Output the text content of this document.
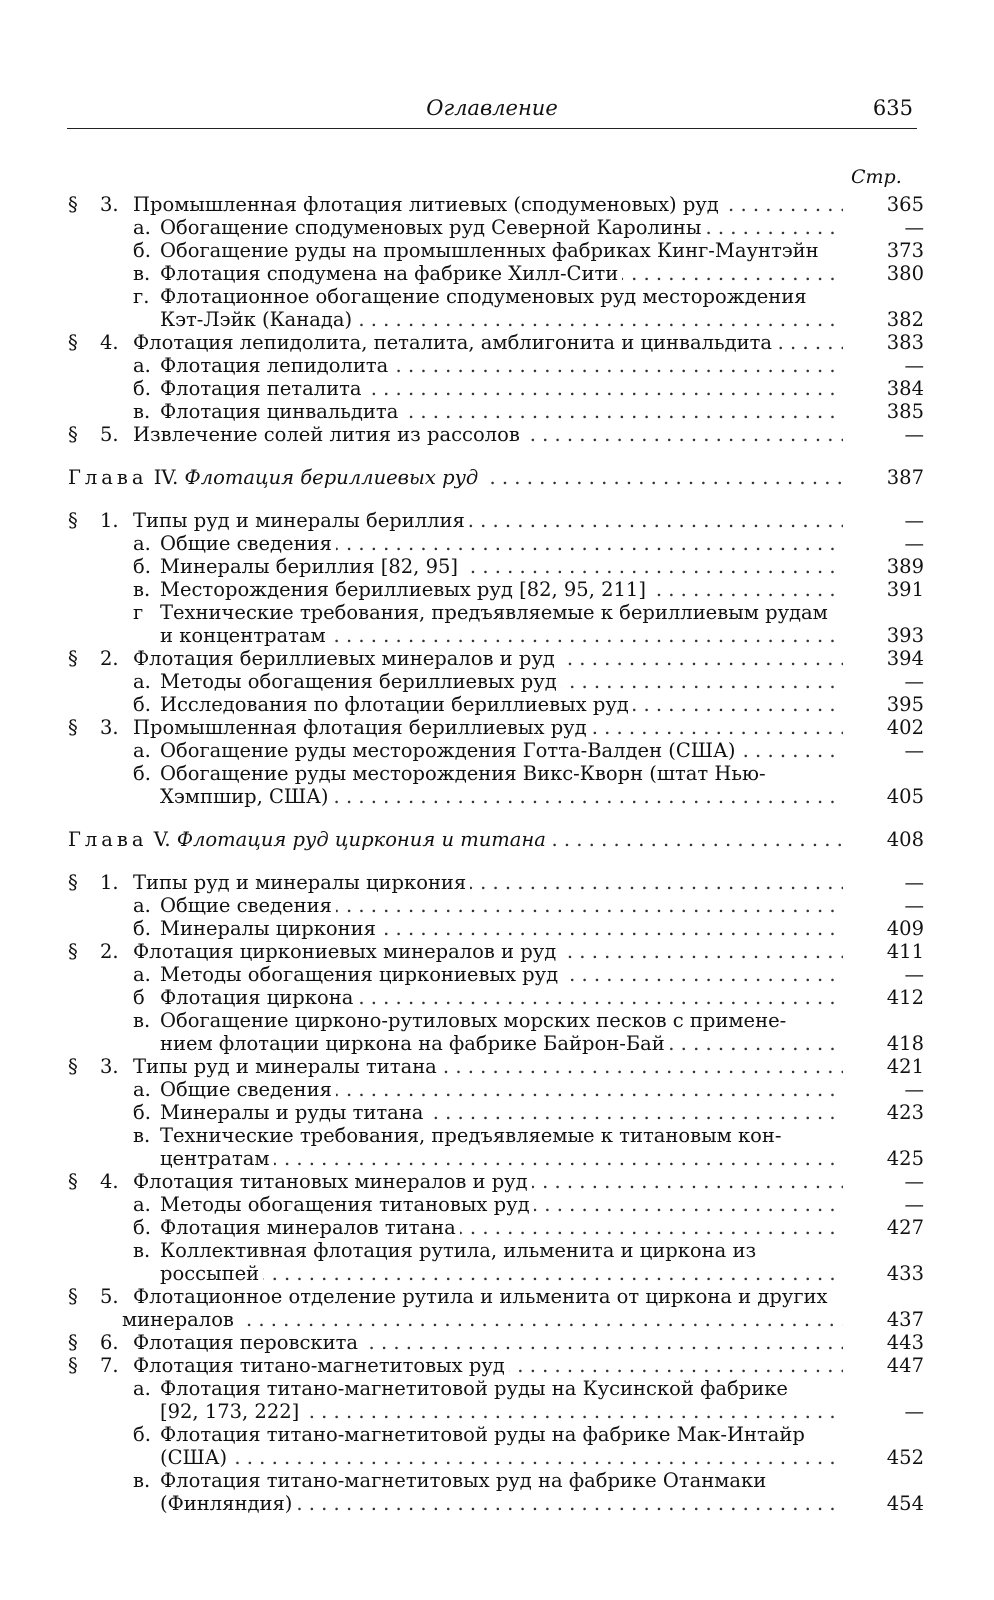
Оглавление	635
Стр.
§ 3. Промышленная флотация литиевых (сподуменовых) руд . . .	365
а. Обогащение сподуменовых руд Северной Каролины . . .	—
б. Обогащение руды на промышленных фабриках Кинг-Маунтэйн	373
в. Флотация сподумена на фабрике Хилл-Сити . . .	380
г. Флотационное обогащение сподуменовых руд месторождения
Кэт-Лэйк (Канада) . . .	382
§ 4. Флотация лепидолита, петалита, амблигонита и цинвальдита . . .	383
а. Флотация лепидолита . . .	—
б. Флотация петалита . . .	384
в. Флотация цинвальдита . . .	385
§ 5. Извлечение солей лития из рассолов . . .	—
Глава IV. Флотация бериллиевых руд . . .	387
§ 1. Типы руд и минералы бериллия . . .	—
а. Общие сведения . . .	—
б. Минералы бериллия [82, 95] . . .	389
в. Месторождения бериллиевых руд [82, 95, 211] . . .	391
г Технические требования, предъявляемые к бериллиевым рудам
и концентратам . . .	393
§ 2. Флотация бериллиевых минералов и руд . . .	394
а. Методы обогащения бериллиевых руд . . .	—
б. Исследования по флотации бериллиевых руд . . .	395
§ 3. Промышленная флотация бериллиевых руд . . .	402
а. Обогащение руды месторождения Готта-Валден (США) . . .	—
б. Обогащение руды месторождения Викс-Кворн (штат Нью-
Хэмпшир, США) . . .	405
Глава V. Флотация руд циркония и титана . . .	408
§ 1. Типы руд и минералы циркония . . .	—
а. Общие сведения . . .	—
б. Минералы циркония . . .	409
§ 2. Флотация циркониевых минералов и руд . . .	411
а. Методы обогащения циркониевых руд . . .	—
б Флотация циркона . . .	412
в. Обогащение цирконо-рутиловых морских песков с примене-
нием флотации циркона на фабрике Байрон-Бай . . .	418
§ 3. Типы руд и минералы титана . . .	421
а. Общие сведения . . .	—
б. Минералы и руды титана . . .	423
в. Технические требования, предъявляемые к титановым кон-
центратам . . .	425
§ 4. Флотация титановых минералов и руд . . .	—
а. Методы обогащения титановых руд . . .	—
б. Флотация минералов титана . . .	427
в. Коллективная флотация рутила, ильменита и циркона из
россыпей . . .	433
§ 5. Флотационное отделение рутила и ильменита от циркона и других
минералов . . .	437
§ 6. Флотация перовскита . . .	443
§ 7. Флотация титано-магнетитовых руд . . .	447
а. Флотация титано-магнетитовой руды на Кусинской фабрике
[92, 173, 222] . . .	—
б. Флотация титано-магнетитовой руды на фабрике Мак-Интайр
(США) . . .	452
в. Флотация титано-магнетитовых руд на фабрике Отанмаки
(Финляндия) . . .	454
